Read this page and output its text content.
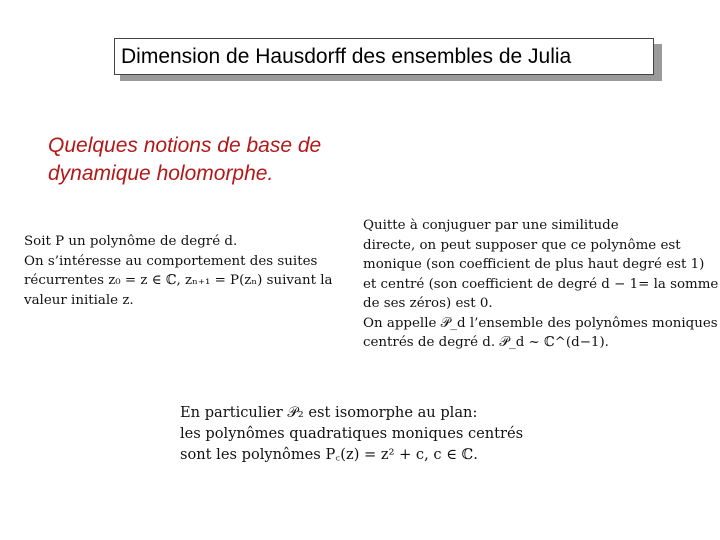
Dimension de Hausdorff des ensembles de Julia
Quelques notions de base de
dynamique holomorphe.
Soit P un polynôme de degré d.
On s’intéresse au comportement des suites
récurrentes z₀ = z ∈ ℂ, zₙ₊₁ = P(zₙ) suivant la
valeur initiale z.
Quitte à conjuguer par une similitude
directe, on peut supposer que ce polynôme est
monique (son coefficient de plus haut degré est 1)
et centré (son coefficient de degré d − 1= la somme
de ses zéros) est 0.
On appelle 𝒫_d l’ensemble des polynômes moniques
centrés de degré d. 𝒫_d ~ ℂ^(d−1).
En particulier 𝒫₂ est isomorphe au plan:
les polynômes quadratiques moniques centrés
sont les polynômes P꜀(z) = z² + c, c ∈ ℂ.
